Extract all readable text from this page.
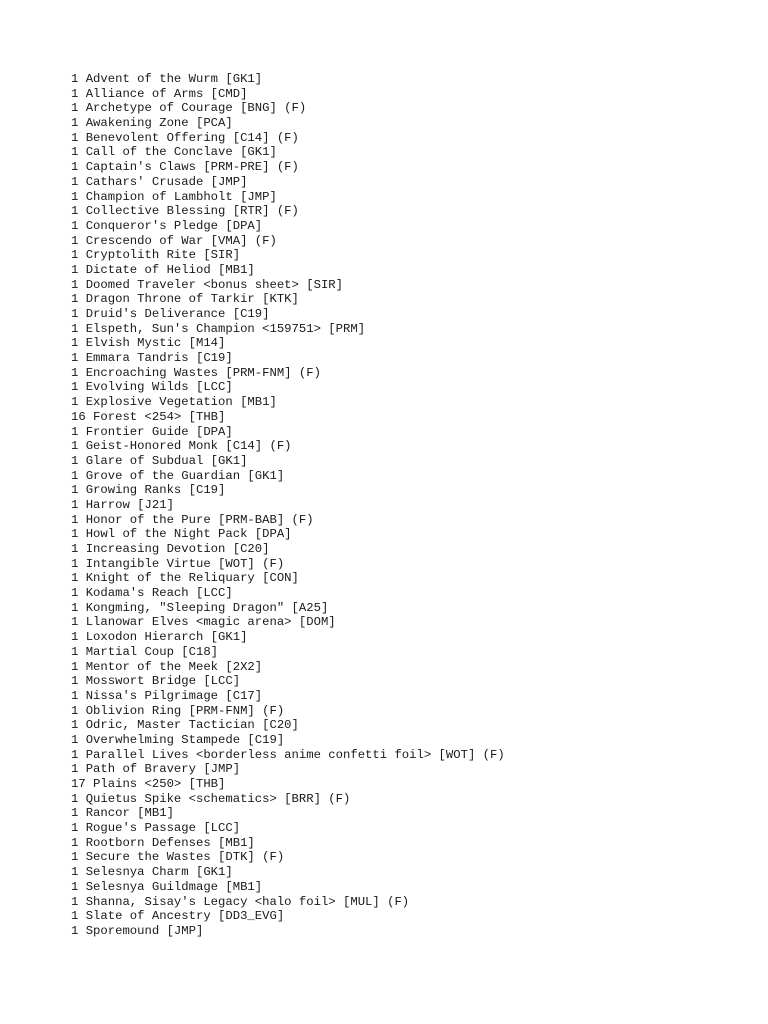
1 Advent of the Wurm [GK1]
1 Alliance of Arms [CMD]
1 Archetype of Courage [BNG] (F)
1 Awakening Zone [PCA]
1 Benevolent Offering [C14] (F)
1 Call of the Conclave [GK1]
1 Captain's Claws [PRM-PRE] (F)
1 Cathars' Crusade [JMP]
1 Champion of Lambholt [JMP]
1 Collective Blessing [RTR] (F)
1 Conqueror's Pledge [DPA]
1 Crescendo of War [VMA] (F)
1 Cryptolith Rite [SIR]
1 Dictate of Heliod [MB1]
1 Doomed Traveler <bonus sheet> [SIR]
1 Dragon Throne of Tarkir [KTK]
1 Druid's Deliverance [C19]
1 Elspeth, Sun's Champion <159751> [PRM]
1 Elvish Mystic [M14]
1 Emmara Tandris [C19]
1 Encroaching Wastes [PRM-FNM] (F)
1 Evolving Wilds [LCC]
1 Explosive Vegetation [MB1]
16 Forest <254> [THB]
1 Frontier Guide [DPA]
1 Geist-Honored Monk [C14] (F)
1 Glare of Subdual [GK1]
1 Grove of the Guardian [GK1]
1 Growing Ranks [C19]
1 Harrow [J21]
1 Honor of the Pure [PRM-BAB] (F)
1 Howl of the Night Pack [DPA]
1 Increasing Devotion [C20]
1 Intangible Virtue [WOT] (F)
1 Knight of the Reliquary [CON]
1 Kodama's Reach [LCC]
1 Kongming, "Sleeping Dragon" [A25]
1 Llanowar Elves <magic arena> [DOM]
1 Loxodon Hierarch [GK1]
1 Martial Coup [C18]
1 Mentor of the Meek [2X2]
1 Mosswort Bridge [LCC]
1 Nissa's Pilgrimage [C17]
1 Oblivion Ring [PRM-FNM] (F)
1 Odric, Master Tactician [C20]
1 Overwhelming Stampede [C19]
1 Parallel Lives <borderless anime confetti foil> [WOT] (F)
1 Path of Bravery [JMP]
17 Plains <250> [THB]
1 Quietus Spike <schematics> [BRR] (F)
1 Rancor [MB1]
1 Rogue's Passage [LCC]
1 Rootborn Defenses [MB1]
1 Secure the Wastes [DTK] (F)
1 Selesnya Charm [GK1]
1 Selesnya Guildmage [MB1]
1 Shanna, Sisay's Legacy <halo foil> [MUL] (F)
1 Slate of Ancestry [DD3_EVG]
1 Sporemound [JMP]
